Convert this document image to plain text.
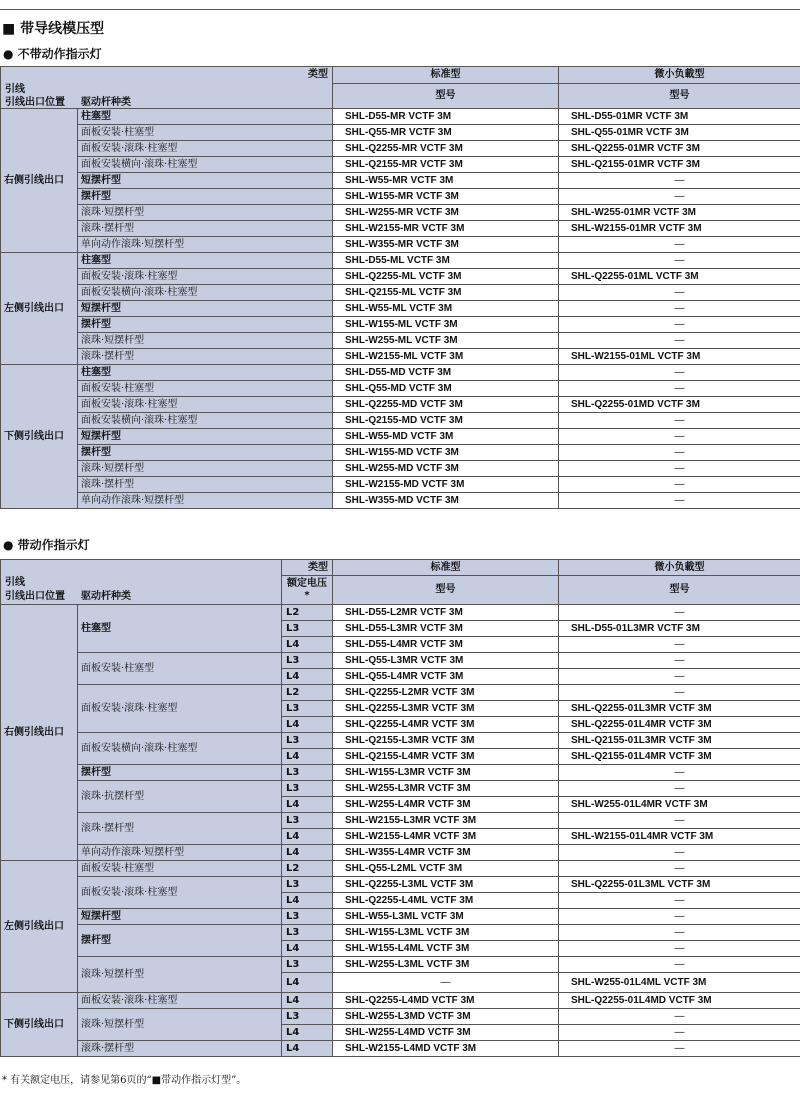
■ 带导线模压型
● 不带动作指示灯
类型
引线
引线出口位置 驱动杆种类		标准型	微小负載型
		型号	型号
右侧引线出口	柱塞型	SHL-D55-MR VCTF 3M	SHL-D55-01MR VCTF 3M
	面板安装·柱塞型	SHL-Q55-MR VCTF 3M	SHL-Q55-01MR VCTF 3M
	面板安装·滚珠·柱塞型	SHL-Q2255-MR VCTF 3M	SHL-Q2255-01MR VCTF 3M
	面板安装横向·滚珠·柱塞型	SHL-Q2155-MR VCTF 3M	SHL-Q2155-01MR VCTF 3M
	短摆杆型	SHL-W55-MR VCTF 3M	—
	摆杆型	SHL-W155-MR VCTF 3M	—
	滚珠·短摆杆型	SHL-W255-MR VCTF 3M	SHL-W255-01MR VCTF 3M
	滚珠·摆杆型	SHL-W2155-MR VCTF 3M	SHL-W2155-01MR VCTF 3M
	单向动作滚珠·短摆杆型	SHL-W355-MR VCTF 3M	—
左侧引线出口	柱塞型	SHL-D55-ML VCTF 3M	—
	面板安装·滚珠·柱塞型	SHL-Q2255-ML VCTF 3M	SHL-Q2255-01ML VCTF 3M
	面板安装横向·滚珠·柱塞型	SHL-Q2155-ML VCTF 3M	—
	短摆杆型	SHL-W55-ML VCTF 3M	—
	摆杆型	SHL-W155-ML VCTF 3M	—
	滚珠·短摆杆型	SHL-W255-ML VCTF 3M	—
	滚珠·摆杆型	SHL-W2155-ML VCTF 3M	SHL-W2155-01ML VCTF 3M
下侧引线出口	柱塞型	SHL-D55-MD VCTF 3M	—
	面板安装·柱塞型	SHL-Q55-MD VCTF 3M	—
	面板安装·滚珠·柱塞型	SHL-Q2255-MD VCTF 3M	SHL-Q2255-01MD VCTF 3M
	面板安装横向·滚珠·柱塞型	SHL-Q2155-MD VCTF 3M	—
	短摆杆型	SHL-W55-MD VCTF 3M	—
	摆杆型	SHL-W155-MD VCTF 3M	—
	滚珠·短摆杆型	SHL-W255-MD VCTF 3M	—
	滚珠·摆杆型	SHL-W2155-MD VCTF 3M	—
	单向动作滚珠·短摆杆型	SHL-W355-MD VCTF 3M	—
● 带动作指示灯
引线
引线出口位置 驱动杆种类		类型	标准型	微小负載型

		额定电压
*	型号	型号
右侧引线出口	柱塞型	L2	SHL-D55-L2MR VCTF 3M	—
		L3	SHL-D55-L3MR VCTF 3M	SHL-D55-01L3MR VCTF 3M
		L4	SHL-D55-L4MR VCTF 3M	—
	面板安装·柱塞型	L3	SHL-Q55-L3MR VCTF 3M	—
		L4	SHL-Q55-L4MR VCTF 3M	—
	面板安装·滚珠·柱塞型	L2	SHL-Q2255-L2MR VCTF 3M	—
		L3	SHL-Q2255-L3MR VCTF 3M	SHL-Q2255-01L3MR VCTF 3M
		L4	SHL-Q2255-L4MR VCTF 3M	SHL-Q2255-01L4MR VCTF 3M
	面板安装横向·滚珠·柱塞型	L3	SHL-Q2155-L3MR VCTF 3M	SHL-Q2155-01L3MR VCTF 3M
		L4	SHL-Q2155-L4MR VCTF 3M	SHL-Q2155-01L4MR VCTF 3M
	摆杆型	L3	SHL-W155-L3MR VCTF 3M	—
	滚珠·抗摆杆型	L3	SHL-W255-L3MR VCTF 3M	—
		L4	SHL-W255-L4MR VCTF 3M	SHL-W255-01L4MR VCTF 3M
	滚珠·摆杆型	L3	SHL-W2155-L3MR VCTF 3M	—
		L4	SHL-W2155-L4MR VCTF 3M	SHL-W2155-01L4MR VCTF 3M
	单向动作滚珠·短摆杆型	L4	SHL-W355-L4MR VCTF 3M	—
左侧引线出口	面板安装·柱塞型	L2	SHL-Q55-L2ML VCTF 3M	—
	面板安装·滚珠·柱塞型	L3	SHL-Q2255-L3ML VCTF 3M	SHL-Q2255-01L3ML VCTF 3M
		L4	SHL-Q2255-L4ML VCTF 3M	—
	短摆杆型	L3	SHL-W55-L3ML VCTF 3M	—
	摆杆型	L3	SHL-W155-L3ML VCTF 3M	—
		L4	SHL-W155-L4ML VCTF 3M	—
	滚珠·短摆杆型	L3	SHL-W255-L3ML VCTF 3M	—
		L4	—	SHL-W255-01L4ML VCTF 3M
下侧引线出口	面板安装·滚珠·柱塞型	L4	SHL-Q2255-L4MD VCTF 3M	SHL-Q2255-01L4MD VCTF 3M
	滚珠·短摆杆型	L3	SHL-W255-L3MD VCTF 3M	—
		L4	SHL-W255-L4MD VCTF 3M	—
	滚珠·摆杆型	L4	SHL-W2155-L4MD VCTF 3M	—
* 有关额定电压，请参见第6页的“■带动作指示灯型”。
